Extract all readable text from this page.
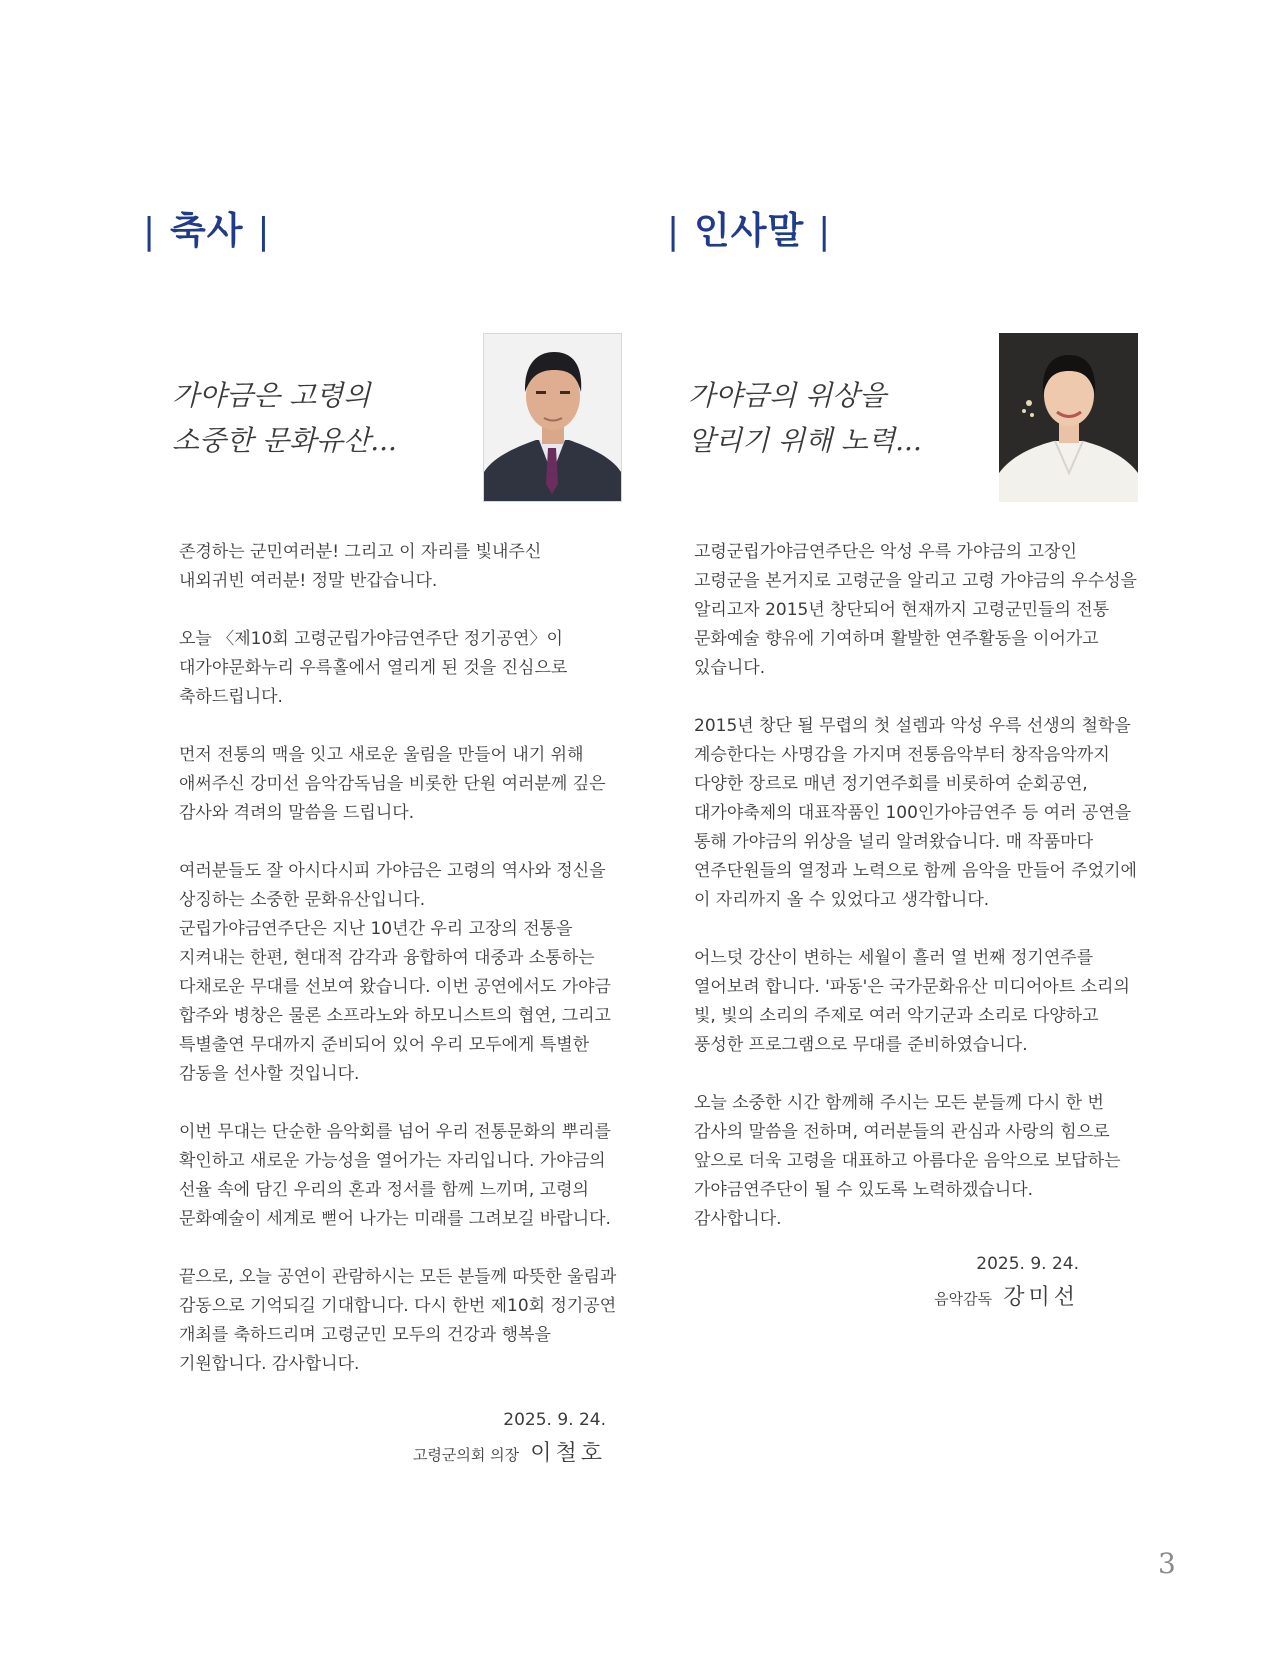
| 축사 |	| 인사말 |
가야금은 고령의
소중한 문화유산...
가야금의 위상을
알리기 위해 노력...

존경하는 군민여러분! 그리고 이 자리를 빛내주신
내외귀빈 여러분! 정말 반갑습니다.

오늘 〈제10회 고령군립가야금연주단 정기공연〉이
대가야문화누리 우륵홀에서 열리게 된 것을 진심으로
축하드립니다.

먼저 전통의 맥을 잇고 새로운 울림을 만들어 내기 위해
애써주신 강미선 음악감독님을 비롯한 단원 여러분께 깊은
감사와 격려의 말씀을 드립니다.

여러분들도 잘 아시다시피 가야금은 고령의 역사와 정신을
상징하는 소중한 문화유산입니다.
군립가야금연주단은 지난 10년간 우리 고장의 전통을
지켜내는 한편, 현대적 감각과 융합하여 대중과 소통하는
다채로운 무대를 선보여 왔습니다. 이번 공연에서도 가야금
합주와 병창은 물론 소프라노와 하모니스트의 협연, 그리고
특별출연 무대까지 준비되어 있어 우리 모두에게 특별한
감동을 선사할 것입니다.

이번 무대는 단순한 음악회를 넘어 우리 전통문화의 뿌리를
확인하고 새로운 가능성을 열어가는 자리입니다. 가야금의
선율 속에 담긴 우리의 혼과 정서를 함께 느끼며, 고령의
문화예술이 세계로 뻗어 나가는 미래를 그려보길 바랍니다.

끝으로, 오늘 공연이 관람하시는 모든 분들께 따뜻한 울림과
감동으로 기억되길 기대합니다. 다시 한번 제10회 정기공연
개최를 축하드리며 고령군민 모두의 건강과 행복을
기원합니다. 감사합니다.

고령군립가야금연주단은 악성 우륵 가야금의 고장인
고령군을 본거지로 고령군을 알리고 고령 가야금의 우수성을
알리고자 2015년 창단되어 현재까지 고령군민들의 전통
문화예술 향유에 기여하며 활발한 연주활동을 이어가고
있습니다.

2015년 창단 될 무렵의 첫 설렘과 악성 우륵 선생의 철학을
계승한다는 사명감을 가지며 전통음악부터 창작음악까지
다양한 장르로 매년 정기연주회를 비롯하여 순회공연,
대가야축제의 대표작품인 100인가야금연주 등 여러 공연을
통해 가야금의 위상을 널리 알려왔습니다. 매 작품마다
연주단원들의 열정과 노력으로 함께 음악을 만들어 주었기에
이 자리까지 올 수 있었다고 생각합니다.

어느덧 강산이 변하는 세월이 흘러 열 번째 정기연주를
열어보려 합니다. '파동'은 국가문화유산 미디어아트 소리의
빛, 빛의 소리의 주제로 여러 악기군과 소리로 다양하고
풍성한 프로그램으로 무대를 준비하였습니다.

오늘 소중한 시간 함께해 주시는 모든 분들께 다시 한 번
감사의 말씀을 전하며, 여러분들의 관심과 사랑의 힘으로
앞으로 더욱 고령을 대표하고 아름다운 음악으로 보답하는
가야금연주단이 될 수 있도록 노력하겠습니다.
감사합니다.

2025. 9. 24.
고령군의회 의장 이철호
2025. 9. 24.
음악감독 강미선
3
